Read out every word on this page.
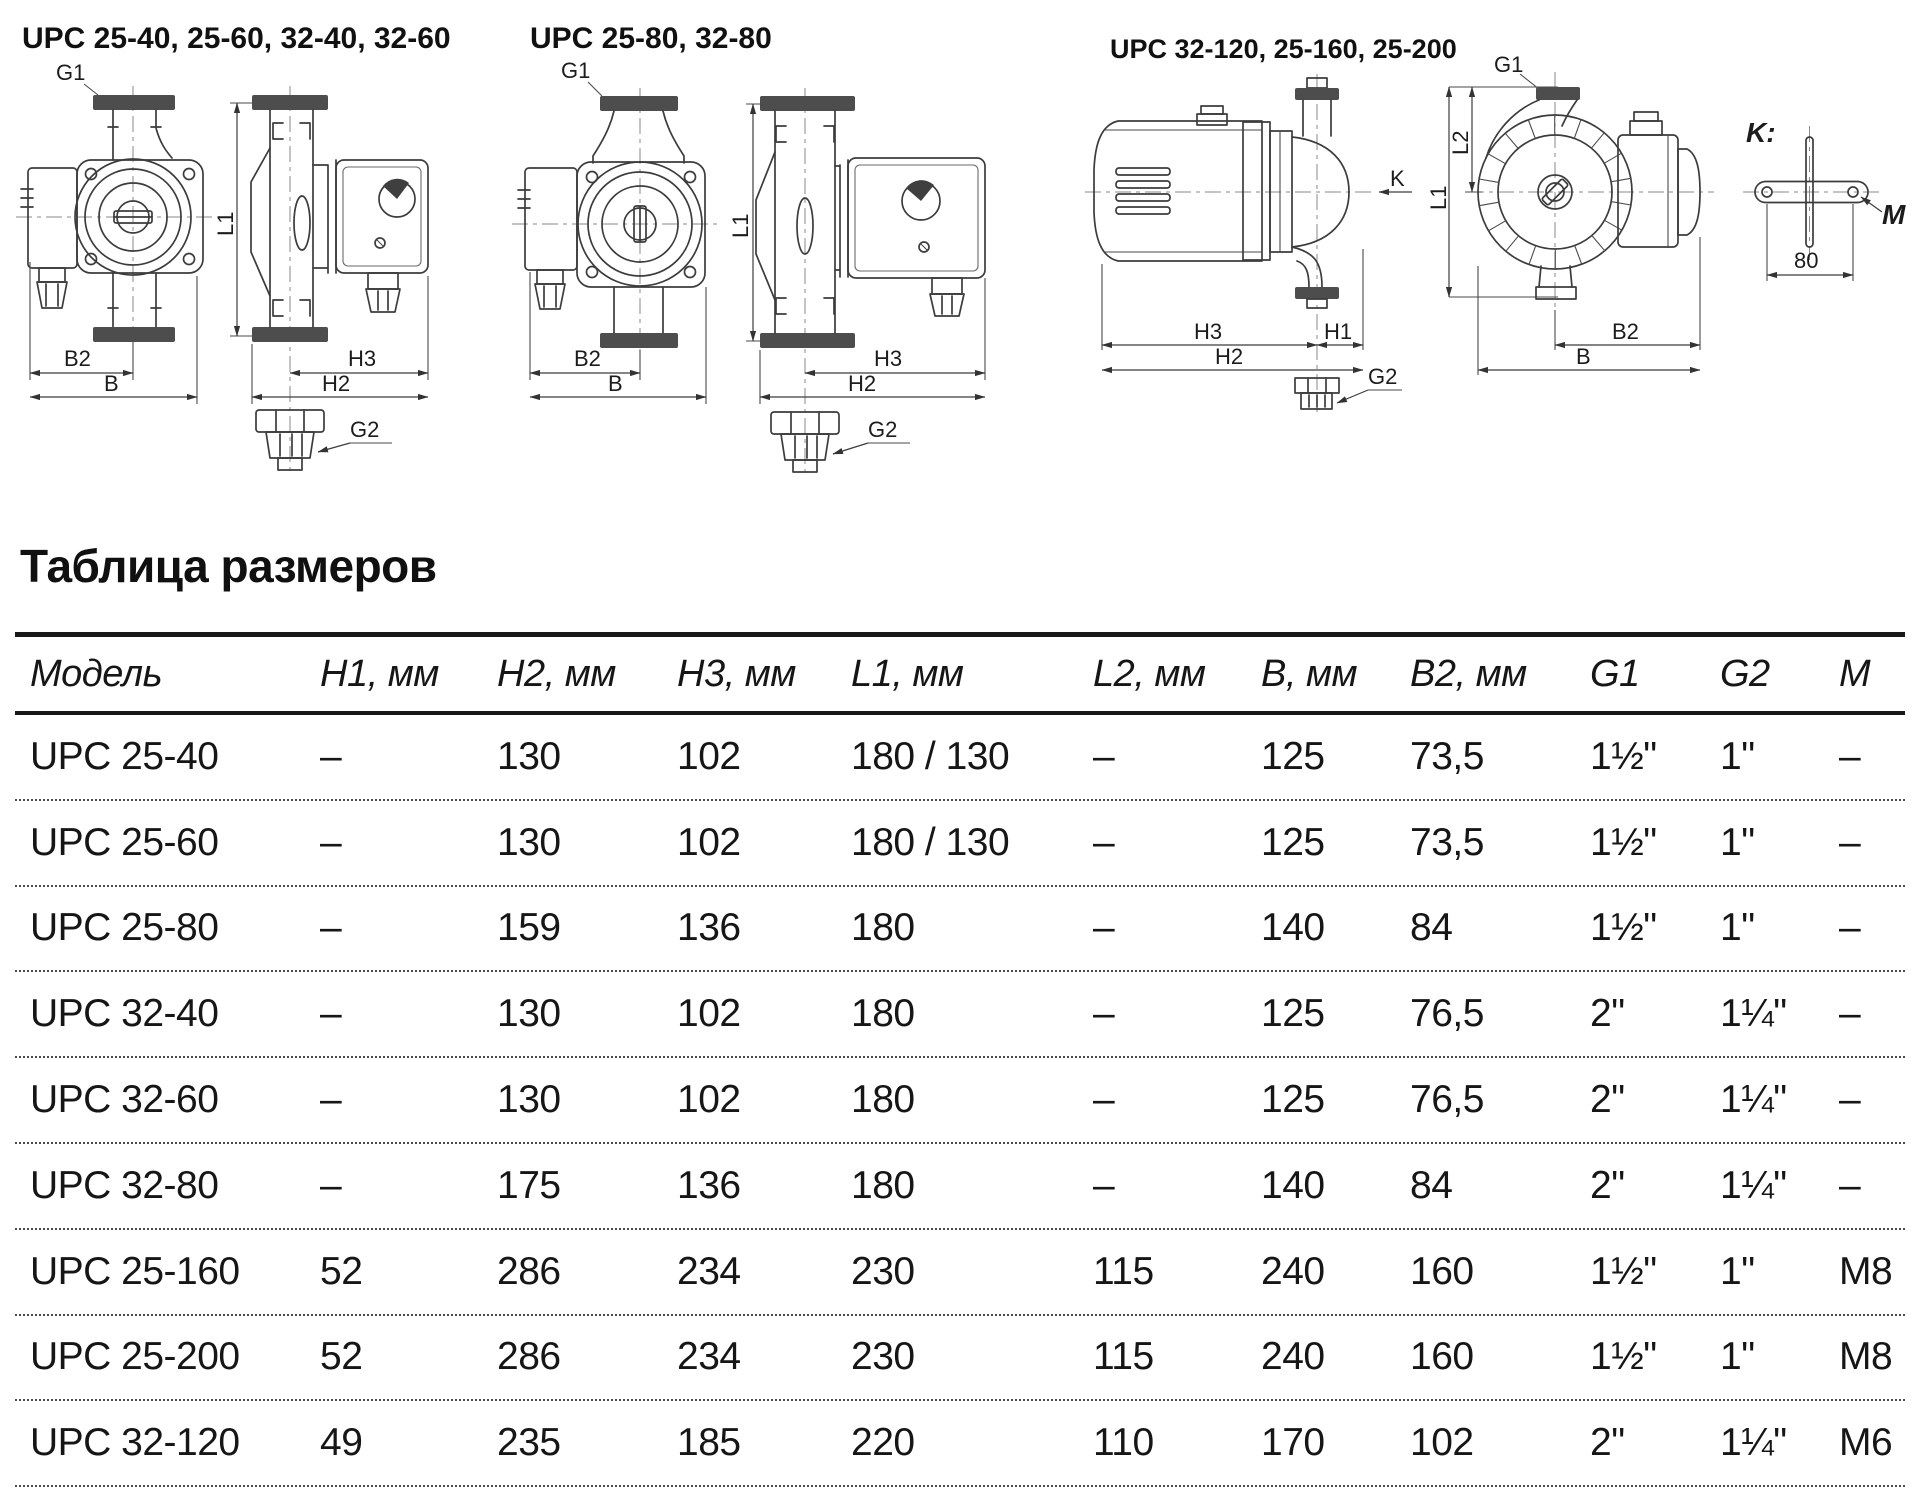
UPC 25-40, 25-60, 32-40, 32-60
G1
B2
B
L1
H3
H2
G2
UPC 25-80, 32-80
G1
B2
B
L1
H3
H2
G2
UPC 32-120, 25-160, 25-200
K
H3	H1
H2
G2
G1
L1
L2
B2
B
K:
80
M
Таблица размеров
Модель	H1, мм	H2, мм	H3, мм	L1, мм	L2, мм	B, мм	B2, мм	G1	G2	M
UPC 25-40	–	130	102	180 / 130	–	125	73,5	1½"	1"	–
UPC 25-60	–	130	102	180 / 130	–	125	73,5	1½"	1"	–
UPC 25-80	–	159	136	180	–	140	84	1½"	1"	–
UPC 32-40	–	130	102	180	–	125	76,5	2"	1¼"	–
UPC 32-60	–	130	102	180	–	125	76,5	2"	1¼"	–
UPC 32-80	–	175	136	180	–	140	84	2"	1¼"	–
UPC 25-160	52	286	234	230	115	240	160	1½"	1"	M8
UPC 25-200	52	286	234	230	115	240	160	1½"	1"	M8
UPC 32-120	49	235	185	220	110	170	102	2"	1¼"	M6
